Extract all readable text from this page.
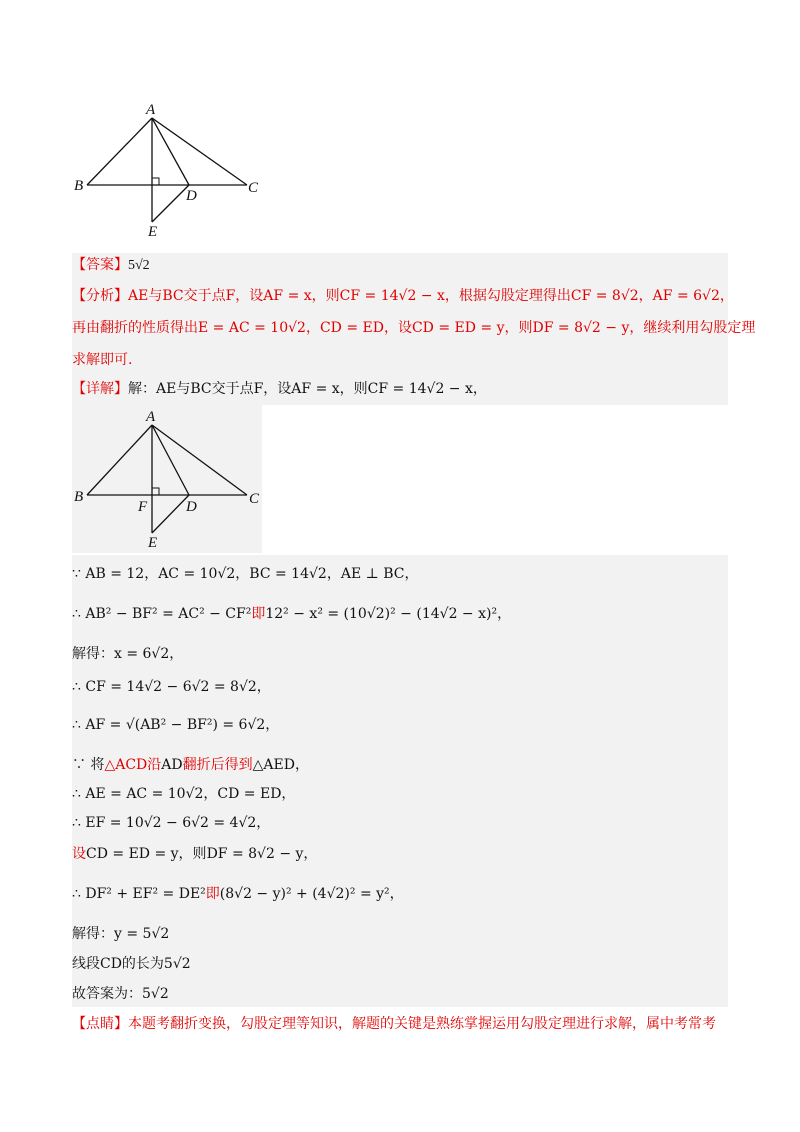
A
B	C
D
E
【答案】5√2
【分析】AE与BC交于点F，设AF = x，则CF = 14√2 − x，根据勾股定理得出CF = 8√2，AF = 6√2，
再由翻折的性质得出E = AC = 10√2，CD = ED，设CD = ED = y，则DF = 8√2 − y，继续利用勾股定理
求解即可.
【详解】解：AE与BC交于点F，设AF = x，则CF = 14√2 − x，
A
B	C
F	D
E
∵ AB = 12，AC = 10√2，BC = 14√2，AE ⊥ BC，
∴ AB² − BF² = AC² − CF²即12² − x² = (10√2)² − (14√2 − x)²，
解得：x = 6√2，
∴ CF = 14√2 − 6√2 = 8√2，
∴ AF = √(AB² − BF²) = 6√2，
∵ 将△ACD沿AD翻折后得到△AED，
∴ AE = AC = 10√2，CD = ED，
∴ EF = 10√2 − 6√2 = 4√2，
设CD = ED = y，则DF = 8√2 − y，
∴ DF² + EF² = DE²即(8√2 − y)² + (4√2)² = y²，
解得：y = 5√2
线段CD的长为5√2
故答案为：5√2
【点睛】本题考翻折变换，勾股定理等知识，解题的关键是熟练掌握运用勾股定理进行求解，属中考常考
